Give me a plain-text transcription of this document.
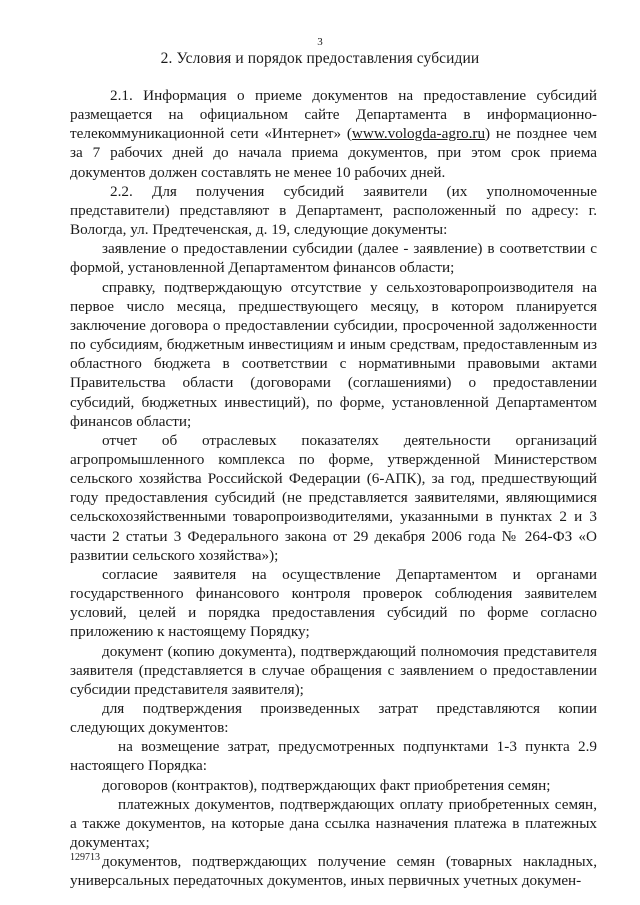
3
2. Условия и порядок предоставления субсидии

2.1. Информация о приеме документов на предоставление субсидий размещается на официальном сайте Департамента в информационно-телекоммуникационной сети «Интернет» (www.vologda-agro.ru) не позднее чем за 7 рабочих дней до начала приема документов, при этом срок приема документов должен составлять не менее 10 рабочих дней.

2.2. Для получения субсидий заявители (их уполномоченные представители) представляют в Департамент, расположенный по адресу: г. Вологда, ул. Предтеченская, д. 19, следующие документы:

заявление о предоставлении субсидии (далее - заявление) в соответствии с формой, установленной Департаментом финансов области;

справку, подтверждающую отсутствие у сельхозтоваропроизводителя на первое число месяца, предшествующего месяцу, в котором планируется заключение договора о предоставлении субсидии, просроченной задолженности по субсидиям, бюджетным инвестициям и иным средствам, предоставленным из областного бюджета в соответствии с нормативными правовыми актами Правительства области (договорами (соглашениями) о предоставлении субсидий, бюджетных инвестиций), по форме, установленной Департаментом финансов области;

отчет об отраслевых показателях деятельности организаций агропромышленного комплекса по форме, утвержденной Министерством сельского хозяйства Российской Федерации (6-АПК), за год, предшествующий году предоставления субсидий (не представляется заявителями, являющимися сельскохозяйственными товаропроизводителями, указанными в пунктах 2 и 3 части 2 статьи 3 Федерального закона от 29 декабря 2006 года № 264-ФЗ «О развитии сельского хозяйства»);

согласие заявителя на осуществление Департаментом и органами государственного финансового контроля проверок соблюдения заявителем условий, целей и порядка предоставления субсидий по форме согласно приложению к настоящему Порядку;

документ (копию документа), подтверждающий полномочия представителя заявителя (представляется в случае обращения с заявлением о предоставлении субсидии представителя заявителя);

для подтверждения произведенных затрат представляются копии следующих документов:

на возмещение затрат, предусмотренных подпунктами 1-3 пункта 2.9 настоящего Порядка:

договоров (контрактов), подтверждающих факт приобретения семян;

платежных документов, подтверждающих оплату приобретенных семян, а также документов, на которые дана ссылка назначения платежа в платежных документах;

документов, подтверждающих получение семян (товарных накладных, универсальных передаточных документов, иных первичных учетных докумен-

129713
